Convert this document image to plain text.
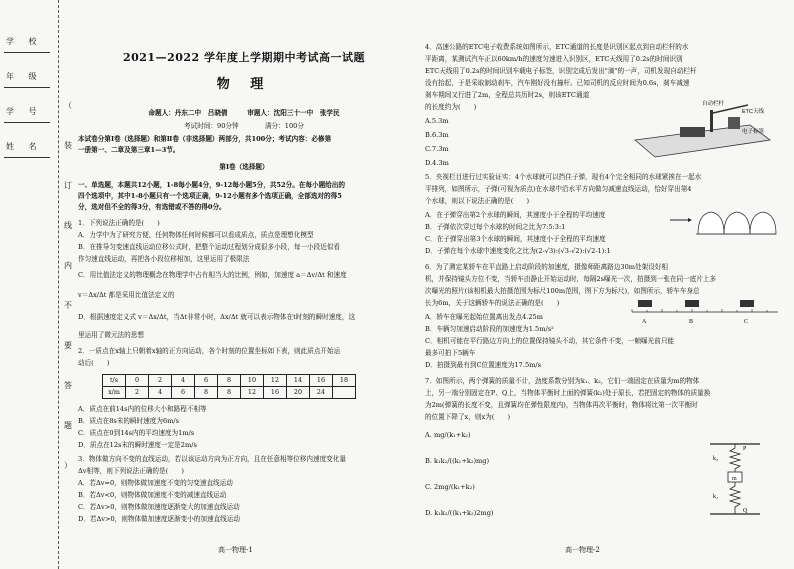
学 校
年 级
学 号
姓 名
（
装
订
线
内
不
要
答
题
）
2021—2022 学年度上学期期中考试高一试题
物 理
命题人：丹东二中　吕晓倩　　　审题人：沈阳三十一中　张学民
考试时间：90分钟　　　　满分：100分
本试卷分第Ⅰ卷（选择题）和第Ⅱ卷（非选择题）两部分，共100分；考试内容：必修第
一册第一、二章及第三章1—3节。
第Ⅰ卷（选择题）
一、单选题，本题共12小题，1-8每小题4分，9-12每小题5分，共52分。在每小题给出的
四个选项中，其中1-8小题只有一个选项正确，9-12小题有多个选项正确，全部选对的得5
分，选对但不全的得3分，有选错或不答的得0分。
1．下列说法正确的是(　　)
A．力学中为了研究方便，任何物体任何时候都可以看成质点，质点是理想化模型
B．在推导匀变速直线运动位移公式时，把整个运动过程划分成很多小段，每一小段近似看
作匀速直线运动，再把各小段位移相加，这里运用了极限法
C．用比值法定义的物理概念在物理学中占有相当大的比例，例如，加速度 a＝Δv/Δt 和速度
v＝Δx/Δt 都是采用比值法定义的
D．根据速度定义式 v＝Δx/Δt，当Δt非常小时，Δx/Δt 就可以表示物体在t时刻的瞬时速度，这
里运用了微元法的思想
2．一质点在x轴上只朝着x轴的正方向运动，各个时刻的位置坐标如下表，则此质点开始运
动后(　　)
t/s	0	2	4	6	8	10	12	14	16	18
x/m	2	4	6	8	8	12	16	20	24	
A．质点在前14s内的位移大小和路程不相等
B．质点在8s末的瞬时速度为6m/s
C．质点在0到14s内的平均速度为1m/s
D．质点在12s末的瞬时速度一定是2m/s
3．物体做方向不变的直线运动，若以该运动方向为正方向，且在任意相等位移内速度变化量
Δv相等，则下列说法正确的是(　　)
A．若Δv=0，则物体做加速度不变的匀变速直线运动
B．若Δv<0，则物体做加速度不变的减速直线运动
C．若Δv>0，则物体做加速度逐渐变大的加速直线运动
D．若Δv>0，则物体做加速度逐渐变小的加速直线运动
高一物理-1
4．高速公路的ETC电子收费系统如图所示，ETC通道的长度是识别区起点到自动栏杆的水
平距离，某测试汽车正以60km/h的速度匀速进入识别区，ETC天线用了0.2s的时间识别
ETC天线用了0.2s的时间识别车载电子标签，识别完成后发出"滴"的一声，司机发现自动栏杆
没有抬起，于是采取制动刹车，汽车刚好没有撞杆。已知司机的反应时间为0.6s，刹车减速
刹车期间又行进了2m，全程总共历时2s，则该ETC通道
的长度约为(　　)
A.5.3m
B.6.3m
C.7.3m
D.4.3m
自动栏杆
ETC天线
电子标签
5．央视栏目进行过实验证实：4个水球就可以挡住子弹，现有4个完全相同的水球紧挨在一起水
平排列，如图所示，子弹(可视为质点)在水球中沿水平方向做匀减速直线运动，恰好穿出第4
个水球，则以下说法正确的是(　　)
A．在子弹穿出第2个水球的瞬间，其速度小于全程的平均速度
B．子弹依次穿过每个水球的时间之比为7:5:3:1
C．在子弹穿出第3个水球的瞬间，其速度小于全程的平均速度
D．子弹在每个水球中速度变化之比为(2-√3):(√3-√2):(√2-1):1
6．为了测定某轿车在平直路上启动阶段的加速度，摄像师距离路边30m处架设好相
机，并保持镜头方位不变，当轿车由静止开始运动时，每隔2s曝光一次，拍摄到一张在同一底片上多
次曝光的照片(该相机最大拍摄范围为标尺100m范围，图下方为标尺)，如图所示，轿车车身总
长为6m，关于这辆轿车的说法正确的是(　　)
A	B	C
A．轿车在曝光起始位置离出发点4.25m
B．车辆匀加速启动阶段的加速度为1.5m/s²
C．相机可能在平行路边方向上的位置保持镜头不动，其它条件不变，一帧曝光前只能
最多可拍下5辆车
D．拍摄到最有到C位置速度为17.5m/s
7．如图所示，两个弹簧的质量不计，劲度系数分别为k₁、k₂，它们一端固定在质量为m的物体
上，另一端分别固定在P、Q上，当物体平衡时上面的弹簧(k₂)处于原长，若把固定的物体的质量换
为2m(弹簧的长度不变，且弹簧均在弹性限度内)，当物体再次平衡时，物体将比第一次平衡时
的位置下降了x，则x为(　　)
A. mg/(k₁+k₂)
B. k₁k₂/((k₁+k₂)mg)
C. 2mg/(k₁+k₂)
D. k₁k₂/((k₁+k₂)2mg)
P
k₂
m
k₁
Q
高一物理-2
